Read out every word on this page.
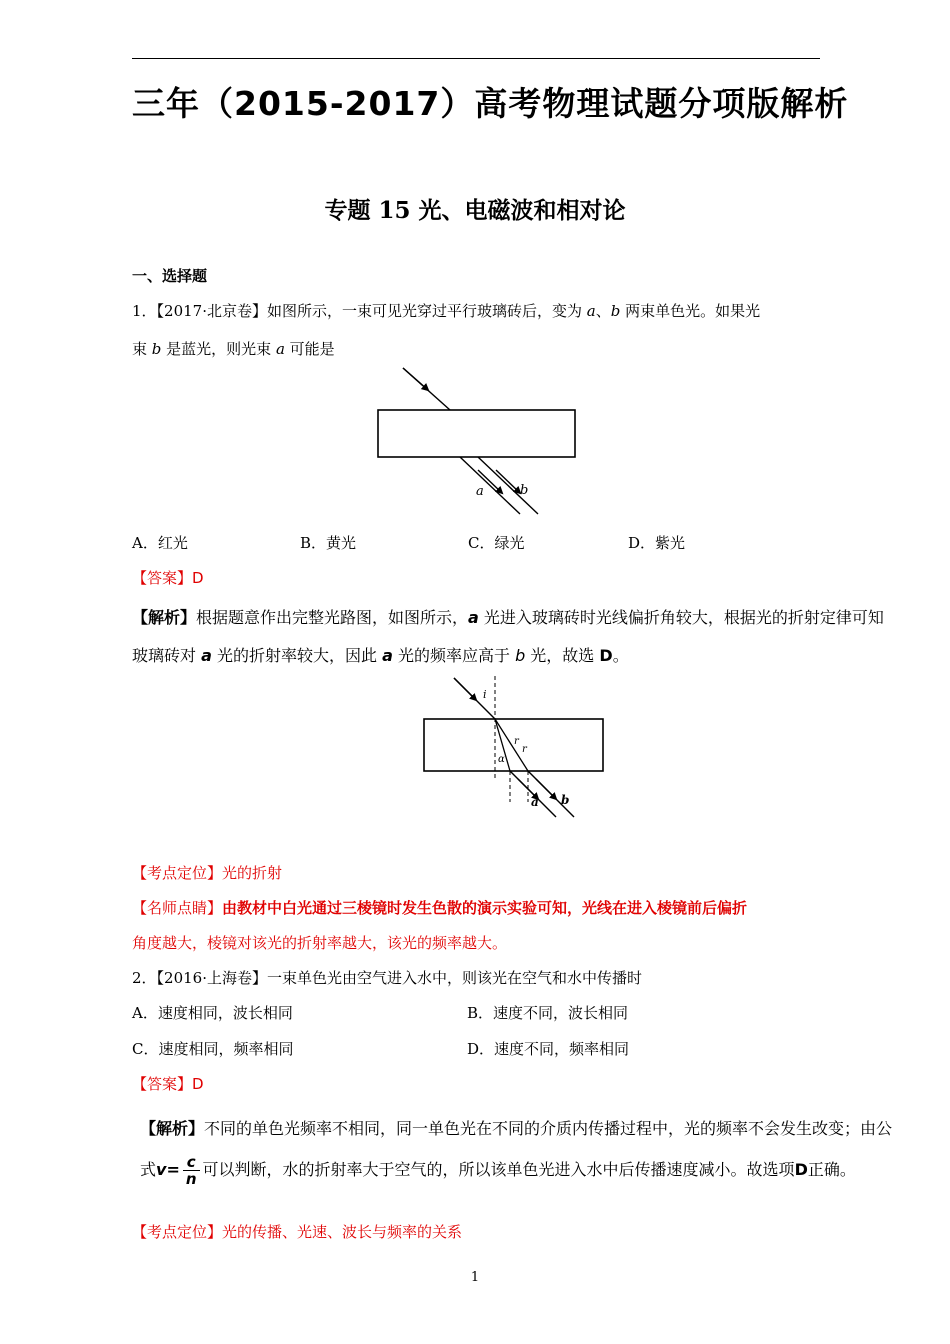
三年（2015-2017）高考物理试题分项版解析
专题 15 光、电磁波和相对论
一、选择题
1．【2017·北京卷】如图所示，一束可见光穿过平行玻璃砖后，变为 a、b 两束单色光。如果光
束 b 是蓝光，则光束 a 可能是
a	b
A．红光	B．黄光	C．绿光	D．紫光
【答案】D
【解析】根据题意作出完整光路图，如图所示，a 光进入玻璃砖时光线偏折角较大，根据光的折射定律可知
玻璃砖对 a 光的折射率较大，因此 a 光的频率应高于 b 光，故选 D。
i
r
r
α
a b
【考点定位】光的折射
【名师点睛】由教材中白光通过三棱镜时发生色散的演示实验可知，光线在进入棱镜前后偏折
角度越大，棱镜对该光的折射率越大，该光的频率越大。
2．【2016·上海卷】一束单色光由空气进入水中，则该光在空气和水中传播时
A．速度相同，波长相同	B．速度不同，波长相同
C．速度相同，频率相同	D．速度不同，频率相同
【答案】D
【解析】不同的单色光频率不相同，同一单色光在不同的介质内传播过程中，光的频率不会发生改变；由公
式$v= \frac{c}{n}$ 可以判断，水的折射率大于空气的，所以该单色光进入水中后传播速度减小。故选项D正确。
【考点定位】光的传播、光速、波长与频率的关系
1
